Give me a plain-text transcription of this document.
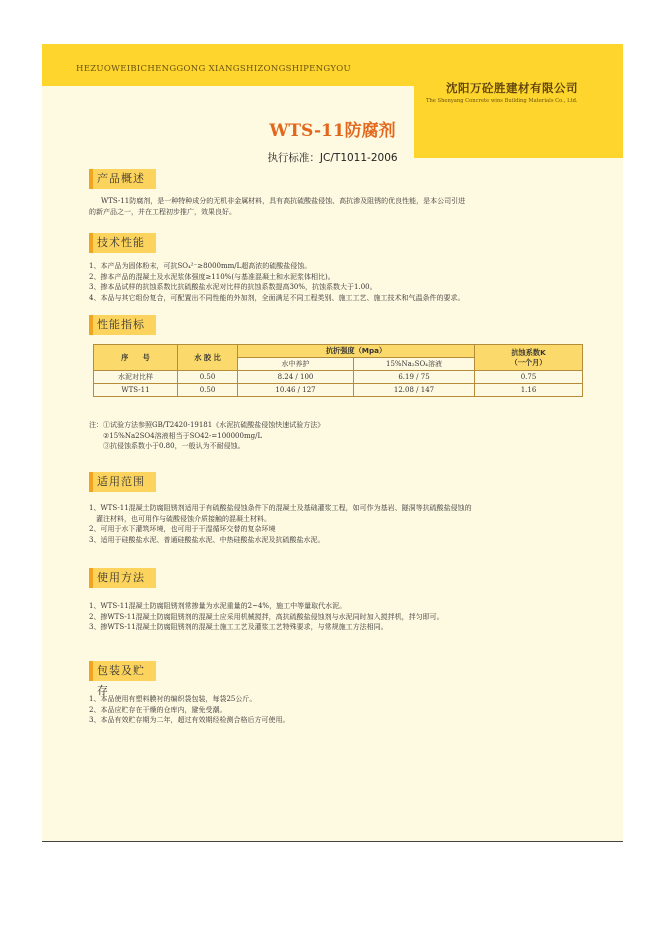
HEZUOWEIBICHENGGONG XIANGSHIZONGSHIPENGYOU
沈阳万砼胜建材有限公司
The Shenyang Concrete wins Building Materials Co., Ltd.
WTS-11防腐剂
执行标准：JC/T1011-2006
产品概述

WTS-11防腐剂，是一种特种成分的无机非金属材料，具有高抗硫酸盐侵蚀、高抗渗及阻锈的优良性能，是本公司引进

的新产品之一，并在工程初步推广，效果良好。

技术性能

1、本产品为固体粉末，可抗SO₄²⁻≥8000mm/L超高浓的硫酸盐侵蚀。

2、掺本产品的混凝土及水泥浆体强度≥110%(与基准混凝土和水泥浆体相比)。

3、掺本品试样的抗蚀系数比抗硫酸盐水泥对比样的抗蚀系数提高30%，抗蚀系数大于1.00。

4、本品与其它组份复合，可配置出不同性能的外加剂，全面满足不同工程类别、施工工艺、施工技术和气温条件的要求。

性能指标
序　　号	水 胶 比	抗折强度（Mpa）		抗蚀系数K
（一个月）

		水中养护	15%Na₂SO₄溶液	
水泥对比样	0.50	8.24 / 100	6.19 / 75	0.75
WTS-11	0.50	10.46 / 127	12.08 / 147	1.16

注：①试验方法参照GB/T2420-19181《水泥抗硫酸盐侵蚀快速试验方法》

②15%Na2SO4溶液相当于SO42-=100000mg/L

③抗侵蚀系数小于0.80，一般认为不耐侵蚀。

适用范围

1、WTS-11混凝土防腐阻锈剂适用于有硫酸盐侵蚀条件下的混凝土及基础灌浆工程，如可作为基岩、隧洞等抗硫酸盐侵蚀的

　灌注材料，也可用作与硫酸侵蚀介质接触的混凝土材料。

2、可用于水下灌筑环境，也可用于干湿循环交替的复杂环境

3、适用于硅酸盐水泥、普通硅酸盐水泥、中热硅酸盐水泥及抗硫酸盐水泥。

使用方法

1、WTS-11混凝土防腐阻锈剂常掺量为水泥重量的2~4%，施工中等量取代水泥。

2、掺WTS-11混凝土防腐阻锈剂的混凝土应采用机械搅拌，高抗硫酸盐侵蚀剂与水泥同时加入搅拌机，拌匀即可。

3、掺WTS-11混凝土防腐阻锈剂的混凝土施工工艺及灌浆工艺特殊要求，与常规施工方法相同。

包装及贮存

1、本品使用有塑料膜衬的编织袋包装，每袋25公斤。

2、本品应贮存在干燥的仓库内，避免受潮。

3、本品有效贮存期为二年，超过有效期经检测合格后方可使用。
